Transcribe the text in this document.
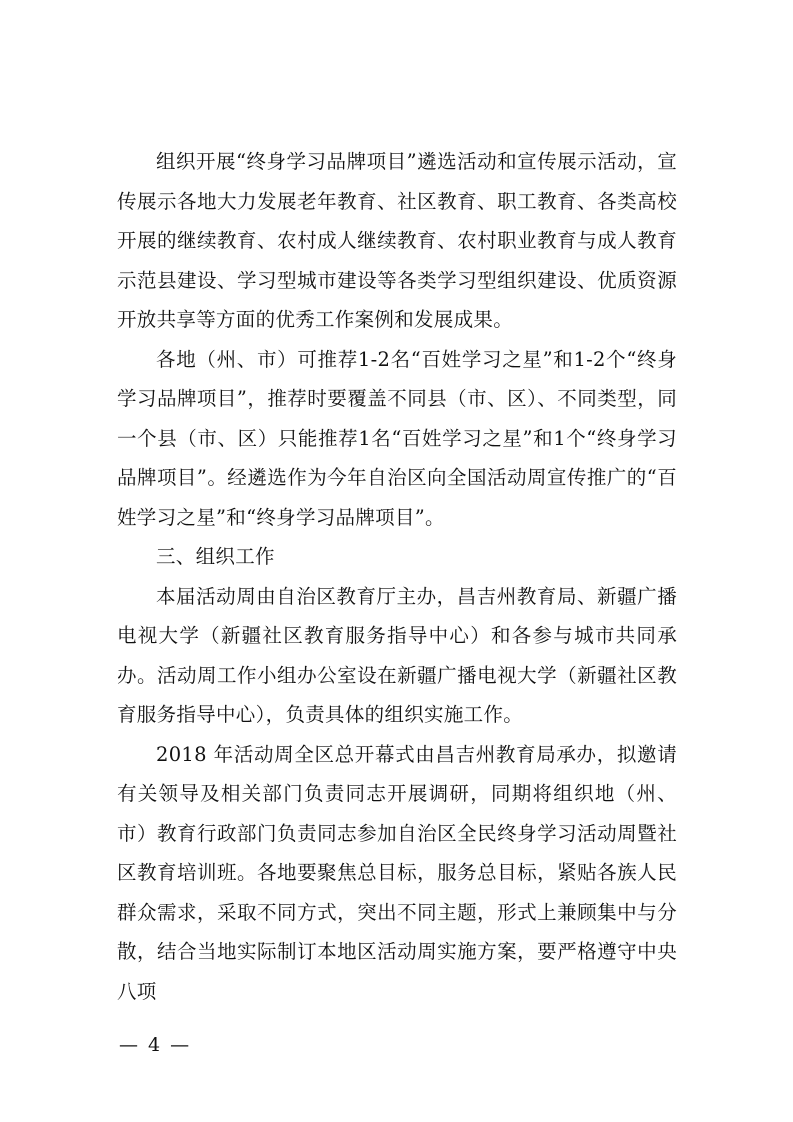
组织开展“终身学习品牌项目”遴选活动和宣传展示活动，宣传展示各地大力发展老年教育、社区教育、职工教育、各类高校开展的继续教育、农村成人继续教育、农村职业教育与成人教育示范县建设、学习型城市建设等各类学习型组织建设、优质资源开放共享等方面的优秀工作案例和发展成果。

各地（州、市）可推荐1-2名“百姓学习之星”和1-2个“终身学习品牌项目”，推荐时要覆盖不同县（市、区）、不同类型，同一个县（市、区）只能推荐1名“百姓学习之星”和1个“终身学习品牌项目”。经遴选作为今年自治区向全国活动周宣传推广的“百姓学习之星”和“终身学习品牌项目”。

三、组织工作

本届活动周由自治区教育厅主办，昌吉州教育局、新疆广播电视大学（新疆社区教育服务指导中心）和各参与城市共同承办。活动周工作小组办公室设在新疆广播电视大学（新疆社区教育服务指导中心），负责具体的组织实施工作。

2018 年活动周全区总开幕式由昌吉州教育局承办，拟邀请有关领导及相关部门负责同志开展调研，同期将组织地（州、市）教育行政部门负责同志参加自治区全民终身学习活动周暨社区教育培训班。各地要聚焦总目标，服务总目标，紧贴各族人民群众需求，采取不同方式，突出不同主题，形式上兼顾集中与分散，结合当地实际制订本地区活动周实施方案，要严格遵守中央八项

— 4 —
